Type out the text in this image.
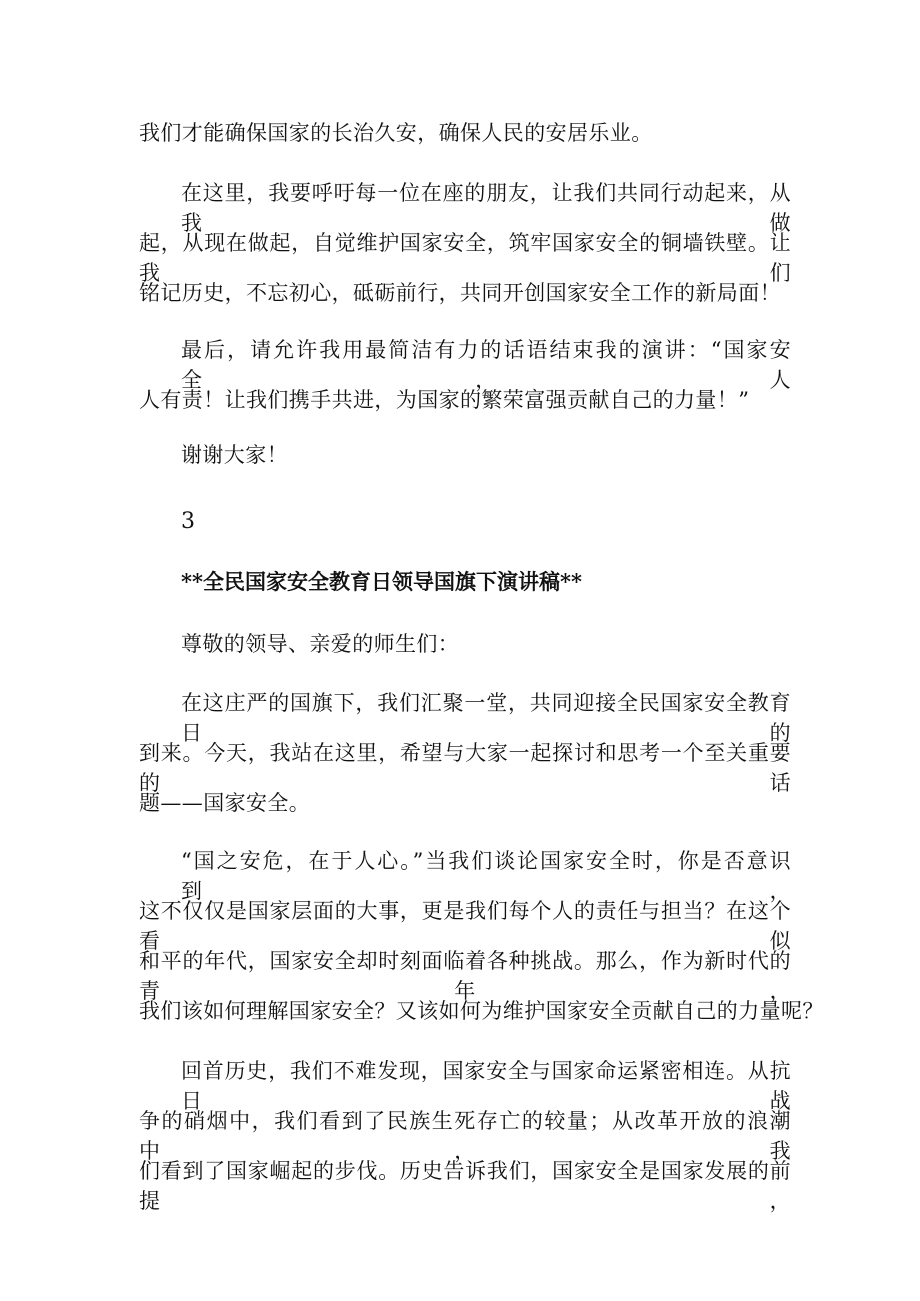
我们才能确保国家的长治久安，确保人民的安居乐业。
在这里，我要呼吁每一位在座的朋友，让我们共同行动起来，从我做
起，从现在做起，自觉维护国家安全，筑牢国家安全的铜墙铁壁。让我们
铭记历史，不忘初心，砥砺前行，共同开创国家安全工作的新局面！
最后，请允许我用最简洁有力的话语结束我的演讲：“国家安全，人
人有责！让我们携手共进，为国家的繁荣富强贡献自己的力量！”
谢谢大家！
3
**全民国家安全教育日领导国旗下演讲稿**
尊敬的领导、亲爱的师生们：
在这庄严的国旗下，我们汇聚一堂，共同迎接全民国家安全教育日的
到来。今天，我站在这里，希望与大家一起探讨和思考一个至关重要的话
题——国家安全。
“国之安危，在于人心。”当我们谈论国家安全时，你是否意识到，
这不仅仅是国家层面的大事，更是我们每个人的责任与担当？在这个看似
和平的年代，国家安全却时刻面临着各种挑战。那么，作为新时代的青年，
我们该如何理解国家安全？又该如何为维护国家安全贡献自己的力量呢？
回首历史，我们不难发现，国家安全与国家命运紧密相连。从抗日战
争的硝烟中，我们看到了民族生死存亡的较量；从改革开放的浪潮中，我
们看到了国家崛起的步伐。历史告诉我们，国家安全是国家发展的前提，
